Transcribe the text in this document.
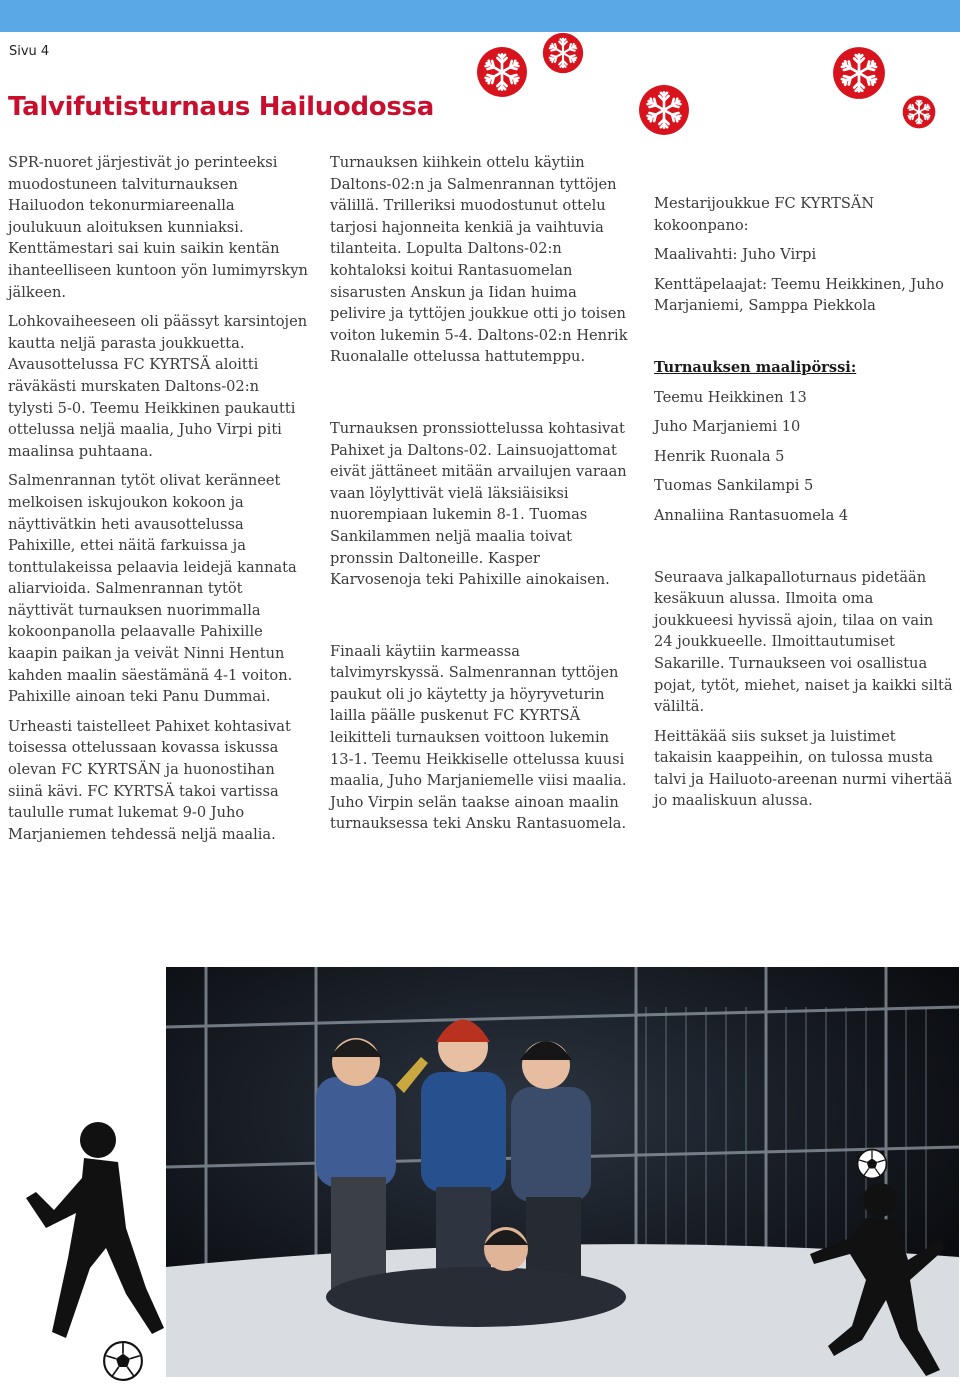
Sivu 4
Talvifutisturnaus Hailuodossa

SPR-nuoret järjestivät jo perinteeksi muodostuneen talviturnauksen Hailuodon tekonurmiareenalla joulukuun aloituksen kunniaksi. Kenttämestari sai kuin saikin kentän ihanteelliseen kuntoon yön lumimyrskyn jälkeen.

Lohkovaiheeseen oli päässyt karsintojen kautta neljä parasta joukkuetta. Avausottelussa FC KYRTSÄ aloitti räväkästi murskaten Daltons-02:n tylysti 5-0. Teemu Heikkinen paukautti ottelussa neljä maalia, Juho Virpi piti maalinsa puhtaana.

Salmenrannan tytöt olivat keränneet melkoisen iskujoukon kokoon ja näyttivätkin heti avausottelussa Pahixille, ettei näitä farkuissa ja tonttulakeissa pelaavia leidejä kannata aliarvioida. Salmenrannan tytöt näyttivät turnauksen nuorimmalla kokoonpanolla pelaavalle Pahixille kaapin paikan ja veivät Ninni Hentun kahden maalin säestämänä 4-1 voiton. Pahixille ainoan teki Panu Dummai.

Urheasti taistelleet Pahixet kohtasivat toisessa ottelussaan kovassa iskussa olevan FC KYRTSÄN ja huonostihan siinä kävi. FC KYRTSÄ takoi vartissa taululle rumat lukemat 9-0 Juho Marjaniemen tehdessä neljä maalia.

Turnauksen kiihkein ottelu käytiin Daltons-02:n ja Salmenrannan tyttöjen välillä. Trilleriksi muodostunut ottelu tarjosi hajonneita kenkiä ja vaihtuvia tilanteita. Lopulta Daltons-02:n kohtaloksi koitui Rantasuomelan sisarusten Anskun ja Iidan huima pelivire ja tyttöjen joukkue otti jo toisen voiton lukemin 5-4. Daltons-02:n Henrik Ruonalalle ottelussa hattutemppu.

Turnauksen pronssiottelussa kohtasivat Pahixet ja Daltons-02. Lainsuojattomat eivät jättäneet mitään arvailujen varaan vaan löylyttivät vielä läksiäisiksi nuorempiaan lukemin 8-1. Tuomas Sankilammen neljä maalia toivat pronssin Daltoneille. Kasper Karvosenoja teki Pahixille ainokaisen.

Finaali käytiin karmeassa talvimyrskyssä. Salmenrannan tyttöjen paukut oli jo käytetty ja höyryveturin lailla päälle puskenut FC KYRTSÄ leikitteli turnauksen voittoon lukemin 13-1. Teemu Heikkiselle ottelussa kuusi maalia, Juho Marjaniemelle viisi maalia. Juho Virpin selän taakse ainoan maalin turnauksessa teki Ansku Rantasuomela.

Mestarijoukkue FC KYRTSÄN kokoonpano:

Maalivahti: Juho Virpi

Kenttäpelaajat: Teemu Heikkinen, Juho Marjaniemi, Samppa Piekkola

Turnauksen maalipörssi:

Teemu Heikkinen 13

Juho Marjaniemi 10

Henrik Ruonala 5

Tuomas Sankilampi 5

Annaliina Rantasuomela 4

Seuraava jalkapalloturnaus pidetään kesäkuun alussa. Ilmoita oma joukkueesi hyvissä ajoin, tilaa on vain 24 joukkueelle. Ilmoittautumiset Sakarille. Turnaukseen voi osallistua pojat, tytöt, miehet, naiset ja kaikki siltä väliltä.

Heittäkää siis sukset ja luistimet takaisin kaappeihin, on tulossa musta talvi ja Hailuoto-areenan nurmi vihertää jo maaliskuun alussa.
